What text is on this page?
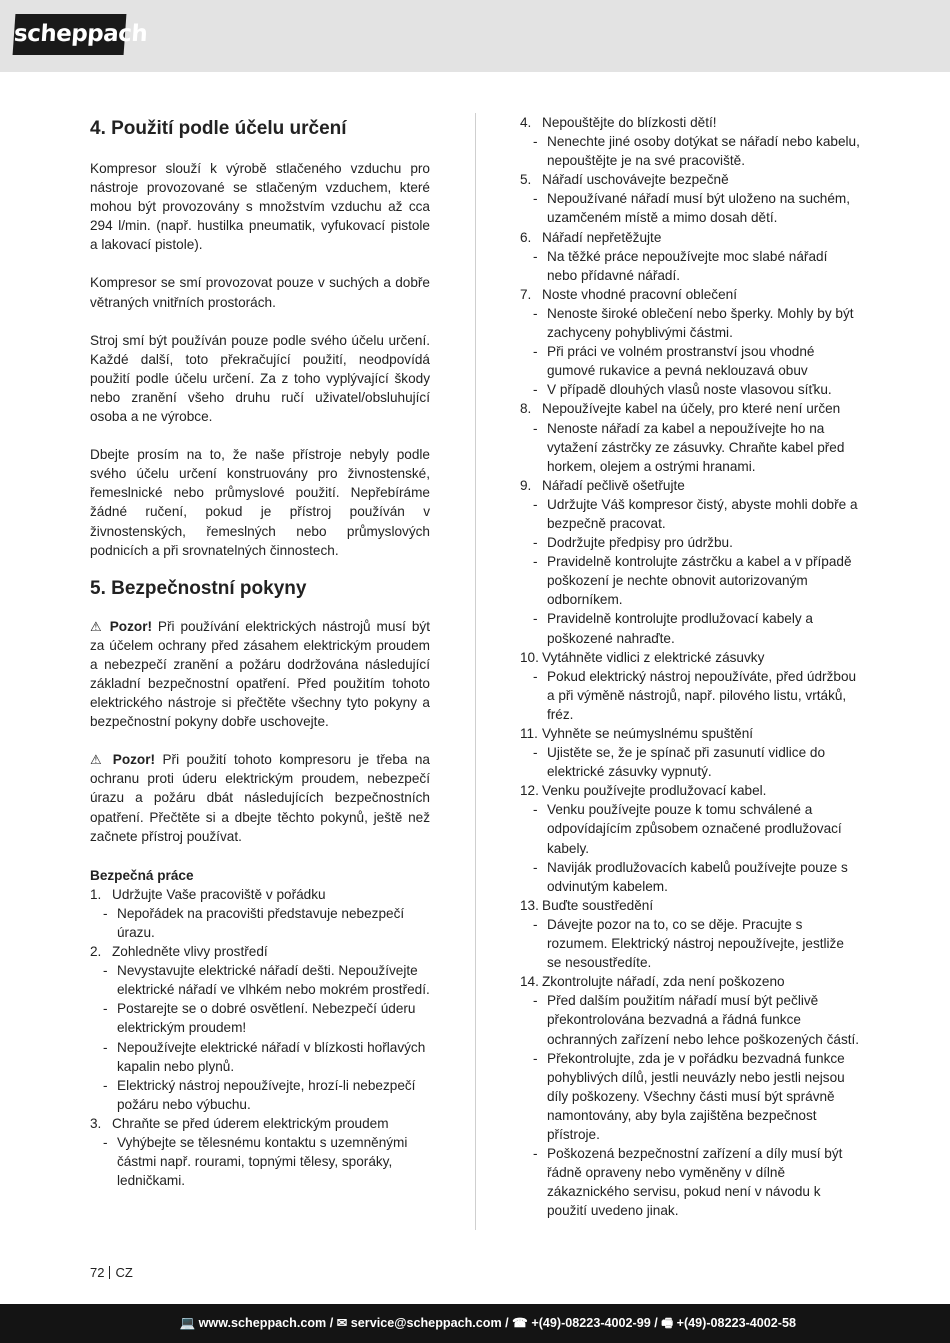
scheppach
4. Použití podle účelu určení

Kompresor slouží k výrobě stlačeného vzduchu pro nástroje provozované se stlačeným vzduchem, které mohou být provozovány s množstvím vzduchu až cca 294 l/min. (např. hustilka pneumatik, vyfukovací pistole a lakovací pistole).

Kompresor se smí provozovat pouze v suchých a dobře větraných vnitřních prostorách.

Stroj smí být používán pouze podle svého účelu určení. Každé další, toto překračující použití, neodpovídá použití podle účelu určení. Za z toho vyplývající škody nebo zranění všeho druhu ručí uživatel/obsluhující osoba a ne výrobce.

Dbejte prosím na to, že naše přístroje nebyly podle svého účelu určení konstruovány pro živnostenské, řemeslnické nebo průmyslové použití. Nepřebíráme žádné ručení, pokud je přístroj používán v živnostenských, řemeslných nebo průmyslových podnicích a při srovnatelných činnostech.

5. Bezpečnostní pokyny

⚠ Pozor! Při používání elektrických nástrojů musí být za účelem ochrany před zásahem elektrickým proudem a nebezpečí zranění a požáru dodržována následující základní bezpečnostní opatření. Před použitím tohoto elektrického nástroje si přečtěte všechny tyto pokyny a bezpečnostní pokyny dobře uschovejte.

⚠ Pozor! Při použití tohoto kompresoru je třeba na ochranu proti úderu elektrickým proudem, nebezpečí úrazu a požáru dbát následujících bezpečnostních opatření. Přečtěte si a dbejte těchto pokynů, ještě než začnete přístroj používat.

Bezpečná práce
1. Udržujte Vaše pracoviště v pořádku
- Nepořádek na pracovišti představuje nebezpečí úrazu.
2. Zohledněte vlivy prostředí
- Nevystavujte elektrické nářadí dešti. Nepoužívejte elektrické nářadí ve vlhkém nebo mokrém prostředí.
- Postarejte se o dobré osvětlení. Nebezpečí úderu elektrickým proudem!
- Nepoužívejte elektrické nářadí v blízkosti hořlavých kapalin nebo plynů.
- Elektrický nástroj nepoužívejte, hrozí-li nebezpečí požáru nebo výbuchu.
3. Chraňte se před úderem elektrickým proudem
- Vyhýbejte se tělesnému kontaktu s uzemněnými částmi např. rourami, topnými tělesy, sporáky, ledničkami.
4. Nepouštějte do blízkosti dětí!
- Nenechte jiné osoby dotýkat se nářadí nebo kabelu, nepouštějte je na své pracoviště.
5. Nářadí uschovávejte bezpečně
- Nepoužívané nářadí musí být uloženo na suchém, uzamčeném místě a mimo dosah dětí.
6. Nářadí nepřetěžujte
- Na těžké práce nepoužívejte moc slabé nářadí nebo přídavné nářadí.
7. Noste vhodné pracovní oblečení
- Nenoste široké oblečení nebo šperky. Mohly by být zachyceny pohyblivými částmi.
- Při práci ve volném prostranství jsou vhodné gumové rukavice a pevná neklouzavá obuv
- V případě dlouhých vlasů noste vlasovou síťku.
8. Nepoužívejte kabel na účely, pro které není určen
- Nenoste nářadí za kabel a nepoužívejte ho na vytažení zástrčky ze zásuvky. Chraňte kabel před horkem, olejem a ostrými hranami.
9. Nářadí pečlivě ošetřujte
- Udržujte Váš kompresor čistý, abyste mohli dobře a bezpečně pracovat.
- Dodržujte předpisy pro údržbu.
- Pravidelně kontrolujte zástrčku a kabel a v případě poškození je nechte obnovit autorizovaným odborníkem.
- Pravidelně kontrolujte prodlužovací kabely a poškozené nahraďte.
10. Vytáhněte vidlici z elektrické zásuvky
- Pokud elektrický nástroj nepoužíváte, před údržbou a při výměně nástrojů, např. pilového listu, vrtáků, fréz.
11. Vyhněte se neúmyslnému spuštění
- Ujistěte se, že je spínač při zasunutí vidlice do elektrické zásuvky vypnutý.
12. Venku používejte prodlužovací kabel.
- Venku používejte pouze k tomu schválené a odpovídajícím způsobem označené prodlužovací kabely.
- Naviják prodlužovacích kabelů používejte pouze s odvinutým kabelem.
13. Buďte soustředění
- Dávejte pozor na to, co se děje. Pracujte s rozumem. Elektrický nástroj nepoužívejte, jestliže se nesoustředíte.
14. Zkontrolujte nářadí, zda není poškozeno
- Před dalším použitím nářadí musí být pečlivě překontrolována bezvadná a řádná funkce ochranných zařízení nebo lehce poškozených částí.
- Překontrolujte, zda je v pořádku bezvadná funkce pohyblivých dílů, jestli neuvázly nebo jestli nejsou díly poškozeny. Všechny části musí být správně namontovány, aby byla zajištěna bezpečnost přístroje.
- Poškozená bezpečnostní zařízení a díly musí být řádně opraveny nebo vyměněny v dílně zákaznického servisu, pokud není v návodu k použití uvedeno jinak.
72 CZ
💻 www.scheppach.com / ✉ service@scheppach.com / ☎ +(49)-08223-4002-99 / 🖷 +(49)-08223-4002-58
